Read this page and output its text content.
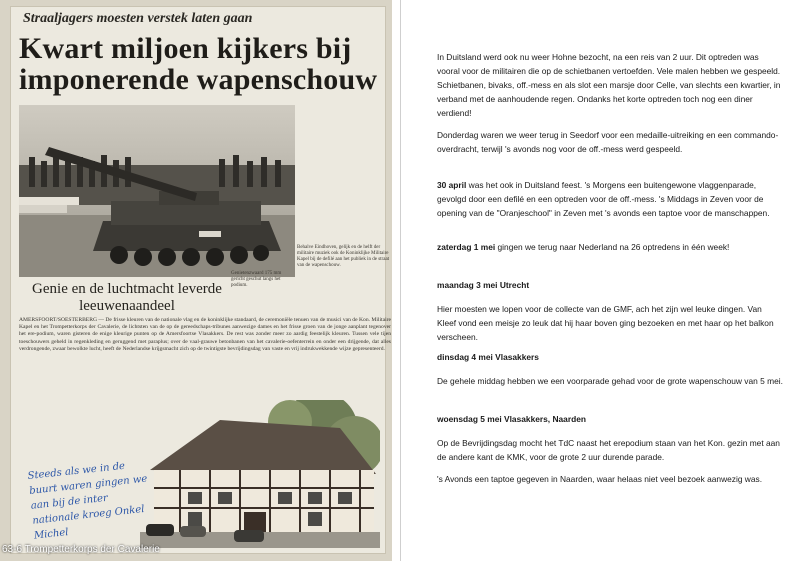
Straaljagers moesten verstek laten gaan
Kwart miljoen kijkers bij imponerende wapenschouw
Behalve Eindhoven, gelijk en de helft der militaire muziek ook de Koninklijke Militaire Kapel bij de defilé aan het publiek in de straat van de wapenschouw.
Genietenzwaard 175 mm gericht geschut langs het podium.
Genie en de luchtmacht leverde leeuwenaandeel
AMERSFOORT/SOESTERBERG — De frisse kleuren van de nationale vlag en de koninklijke standaard, de ceremoniële tenuen van de musici van de Kon. Militaire Kapel en het Trompetterkorps der Cavalerie, de lichtsten van de op de gereedschaps-tribunes aanwezige dames en het frisse groen van de jonge aanplant tegenover het ere-podium, waren gisteren de enige kleurige punten op de Amersfoortse Vlasakkers. De rest was zonder meer zo aardig feestelijk kleuren. Tussen vele tijen toeschouwers geheld in regenkleding en geruggend met paraplus; over de vaal-grauwe betonbanen van het cavalerie-oefenterrein en onder een drijgende, dat alles verdrongende, zwaar bewolkte lucht, heeft de Nederlandse krijgsmacht zich op de twintigste bevrijdingsdag van vaste en vrij indrukwekkende wijze gepresenteerd.
Steeds als we in de buurt waren gingen we aan bij de inter nationale kroeg Onkel Michel
63-6 Trompetterkorps der Cavalerie

In Duitsland werd ook nu weer Hohne bezocht, na een reis van 2 uur. Dit optreden was vooral voor de militairen die op de schietbanen vertoefden. Vele malen hebben we gespeeld. Schietbanen, bivaks, off.-mess en als slot een marsje door Celle, van slechts een kwartier, in verband met de aanhoudende regen. Ondanks het korte optreden toch nog een diner verdiend!

Donderdag waren we weer terug in Seedorf voor een medaille-uitreiking en een commando-overdracht, terwijl 's avonds nog voor de off.-mess werd gespeeld.

30 april was het ook in Duitsland feest. 's Morgens een buitengewone vlaggenparade, gevolgd door een defilé en een optreden voor de off.-mess. 's Middags in Zeven voor de opening van de "Oranjeschool" in Zeven met 's avonds een taptoe voor de manschappen.

zaterdag 1 mei gingen we terug naar Nederland na 26 optredens in één week!

maandag 3 mei Utrecht

Hier moesten we lopen voor de collecte van de GMF, ach het zijn wel leuke dingen. Van Kleef vond een meisje zo leuk dat hij haar boven ging bezoeken en met haar op het balkon verscheen.

dinsdag 4 mei Vlasakkers

De gehele middag hebben we een voorparade gehad voor de grote wapenschouw van 5 mei.

woensdag 5 mei Vlasakkers, Naarden

Op de Bevrijdingsdag mocht het TdC naast het erepodium staan van het Kon. gezin met aan de andere kant de KMK, voor de grote 2 uur durende parade.

's Avonds een taptoe gegeven in Naarden, waar helaas niet veel bezoek aanwezig was.
